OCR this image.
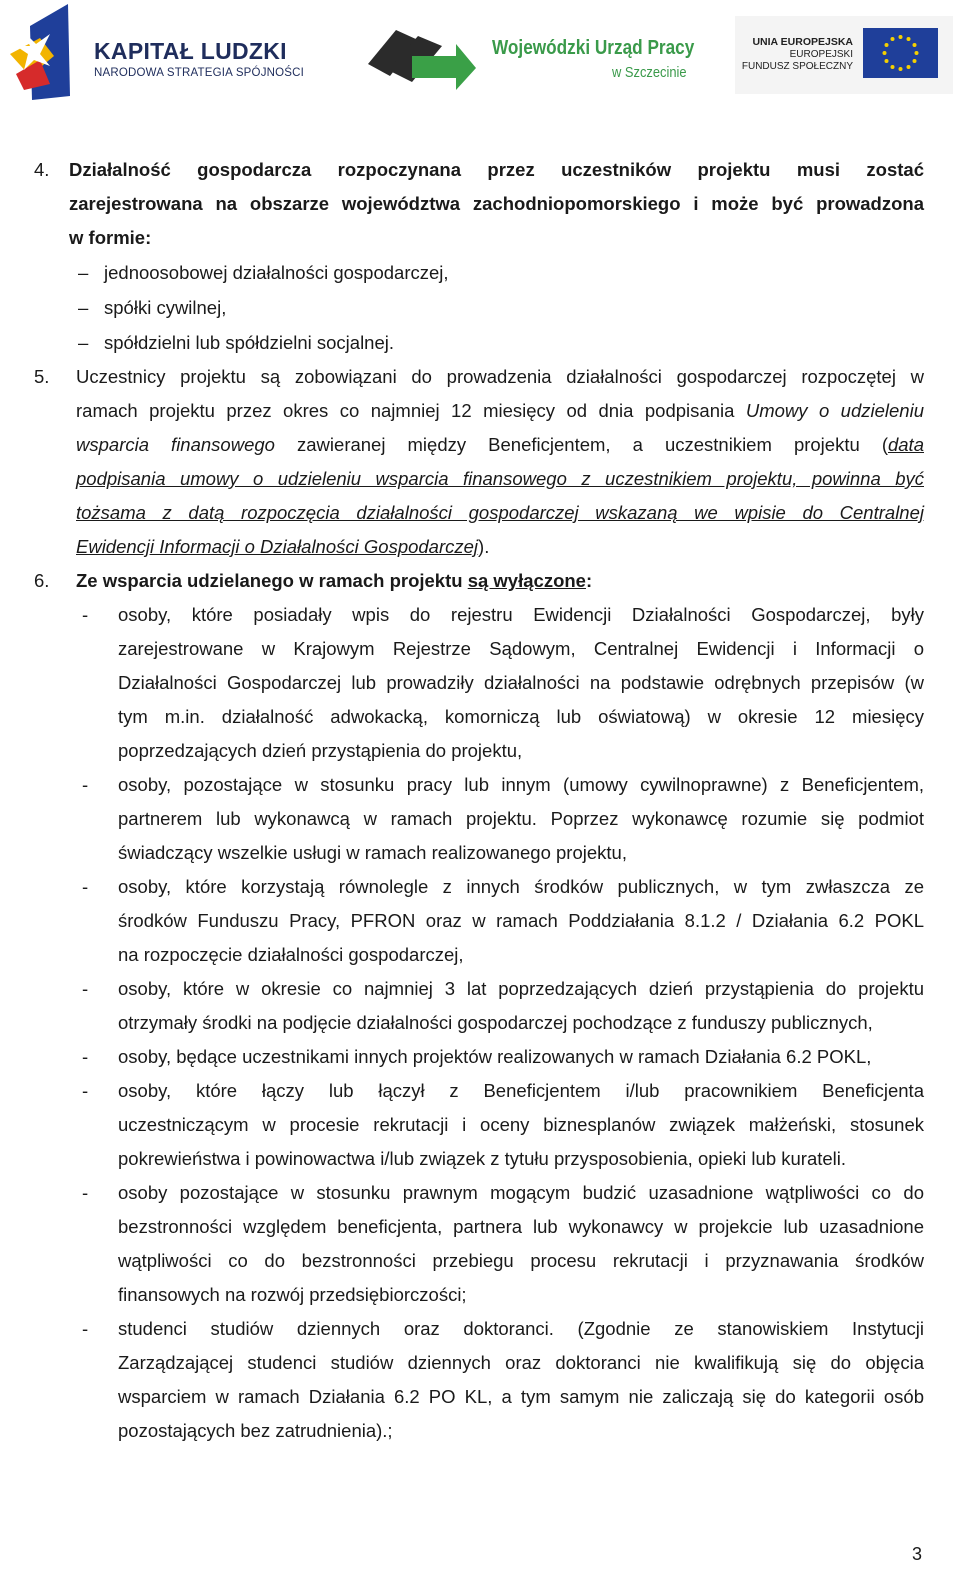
KAPITAŁ LUDZKI
NARODOWA STRATEGIA SPÓJNOŚCI
Wojewódzki Urząd Pracy
w Szczecinie
UNIA EUROPEJSKA
EUROPEJSKI
FUNDUSZ SPOŁECZNY
4. Działalność gospodarcza rozpoczynana przez uczestników projektu musi zostać
zarejestrowana na obszarze województwa zachodniopomorskiego i może być prowadzona
w formie:
– jednoosobowej działalności gospodarczej,
– spółki cywilnej,
– spółdzielni lub spółdzielni socjalnej.
5. Uczestnicy projektu są zobowiązani do prowadzenia działalności gospodarczej rozpoczętej w
ramach projektu przez okres co najmniej 12 miesięcy od dnia podpisania Umowy o udzieleniu
wsparcia finansowego zawieranej między Beneficjentem, a uczestnikiem projektu (data
podpisania umowy o udzieleniu wsparcia finansowego z uczestnikiem projektu, powinna być
tożsama z datą rozpoczęcia działalności gospodarczej wskazaną we wpisie do Centralnej
Ewidencji Informacji o Działalności Gospodarczej).
6. Ze wsparcia udzielanego w ramach projektu są wyłączone:
- osoby, które posiadały wpis do rejestru Ewidencji Działalności Gospodarczej, były
zarejestrowane w Krajowym Rejestrze Sądowym, Centralnej Ewidencji i Informacji o
Działalności Gospodarczej lub prowadziły działalności na podstawie odrębnych przepisów (w
tym m.in. działalność adwokacką, komorniczą lub oświatową) w okresie 12 miesięcy
poprzedzających dzień przystąpienia do projektu,
- osoby, pozostające w stosunku pracy lub innym (umowy cywilnoprawne) z Beneficjentem,
partnerem lub wykonawcą w ramach projektu. Poprzez wykonawcę rozumie się podmiot
świadczący wszelkie usługi w ramach realizowanego projektu,
- osoby, które korzystają równolegle z innych środków publicznych, w tym zwłaszcza ze
środków Funduszu Pracy, PFRON oraz w ramach Poddziałania 8.1.2 / Działania 6.2 POKL
na rozpoczęcie działalności gospodarczej,
- osoby, które w okresie co najmniej 3 lat poprzedzających dzień przystąpienia do projektu
otrzymały środki na podjęcie działalności gospodarczej pochodzące z funduszy publicznych,
- osoby, będące uczestnikami innych projektów realizowanych w ramach Działania 6.2 POKL,
- osoby, które łączy lub łączył z Beneficjentem i/lub pracownikiem Beneficjenta
uczestniczącym w procesie rekrutacji i oceny biznesplanów związek małżeński, stosunek
pokrewieństwa i powinowactwa i/lub związek z tytułu przysposobienia, opieki lub kurateli.
- osoby pozostające w stosunku prawnym mogącym budzić uzasadnione wątpliwości co do
bezstronności względem beneficjenta, partnera lub wykonawcy w projekcie lub uzasadnione
wątpliwości co do bezstronności przebiegu procesu rekrutacji i przyznawania środków
finansowych na rozwój przedsiębiorczości;
- studenci studiów dziennych oraz doktoranci. (Zgodnie ze stanowiskiem Instytucji
Zarządzającej studenci studiów dziennych oraz doktoranci nie kwalifikują się do objęcia
wsparciem w ramach Działania 6.2 PO KL, a tym samym nie zaliczają się do kategorii osób
pozostających bez zatrudnienia).;
3
